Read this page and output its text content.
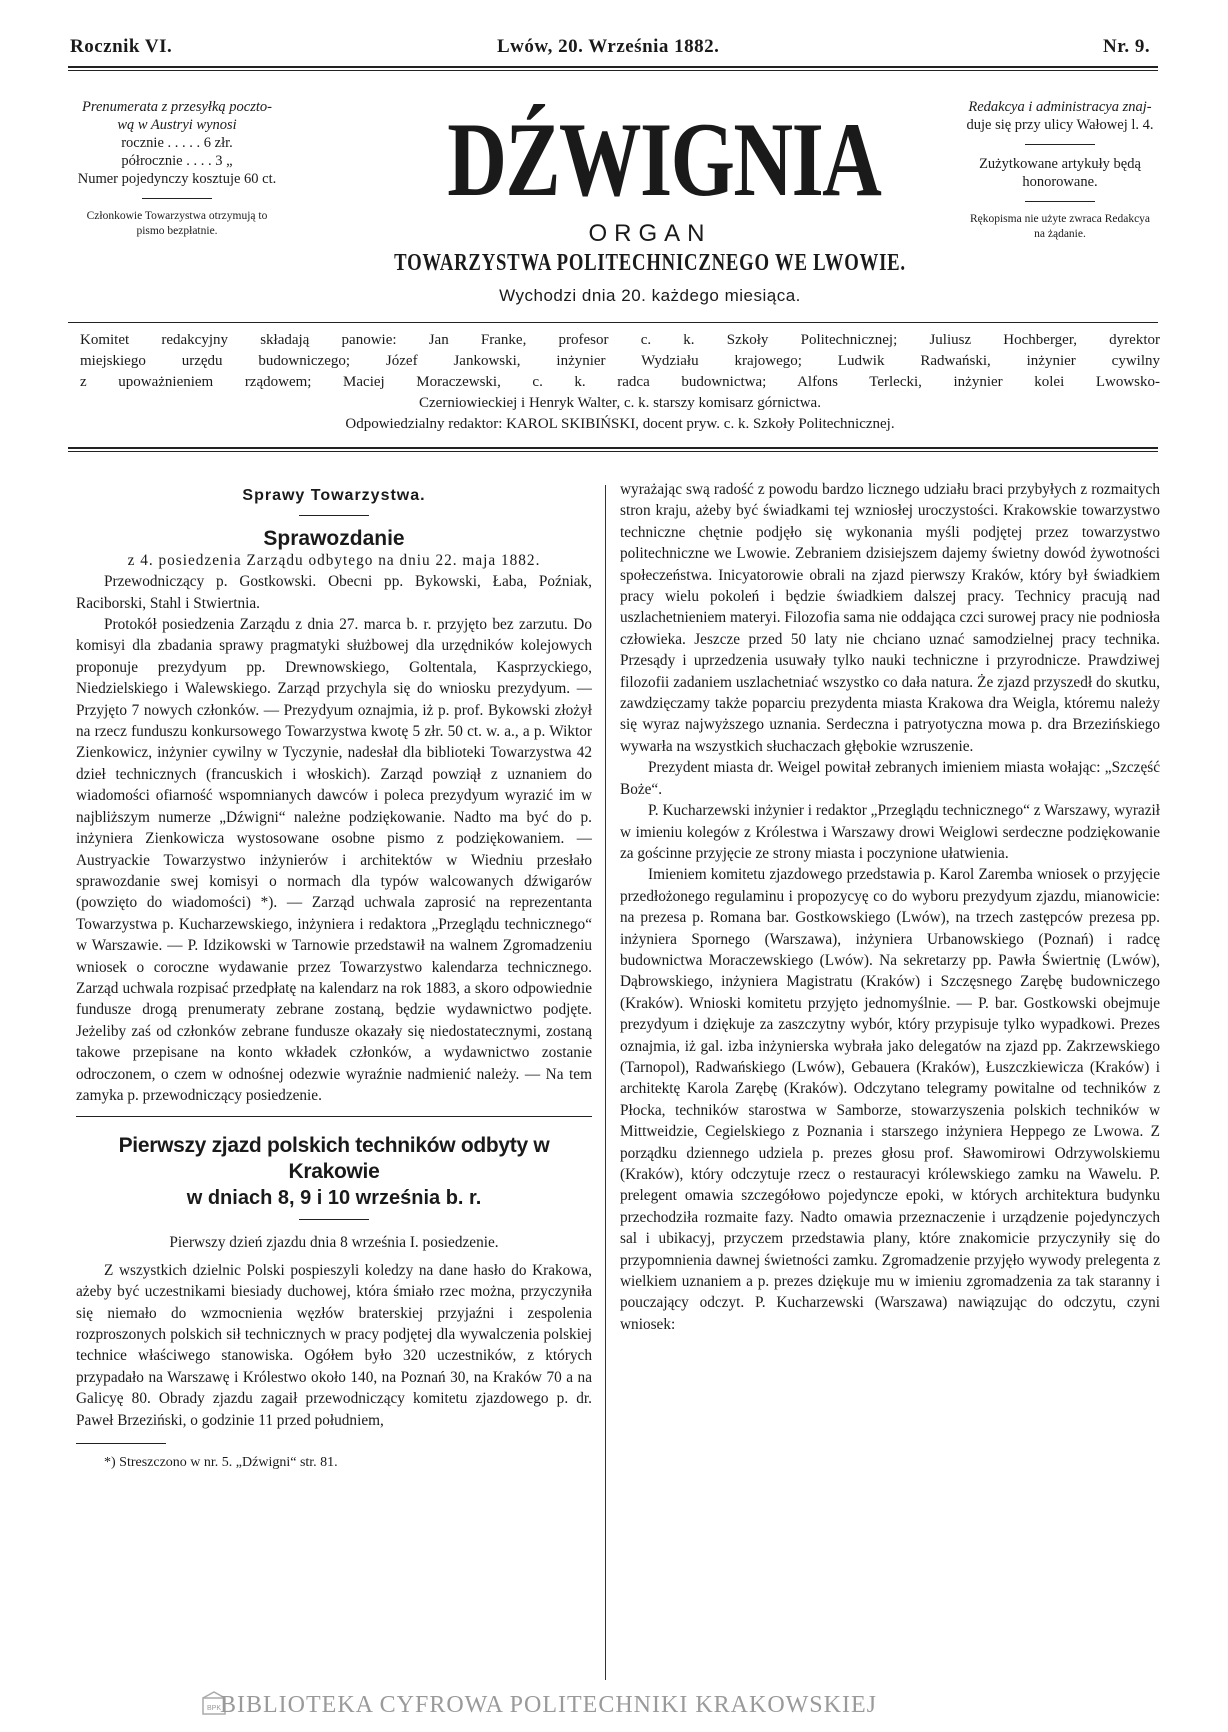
Rocznik VI.	Lwów, 20. Września 1882.	Nr. 9.
Prenumerata z przesyłką poczto-
wą w Austryi wynosi
rocznie . . . . . 6 złr.
półrocznie . . . . 3 „
Numer pojedynczy kosztuje 60 ct.
Członkowie Towarzystwa otrzymują to
pismo bezpłatnie.
Redakcya i administracya znaj-
duje się przy ulicy Wałowej l. 4.
Zużytkowane artykuły będą
honorowane.
Rękopisma nie użyte zwraca Redakcya
na żądanie.
DŹWIGNIA
ORGAN
TOWARZYSTWA POLITECHNICZNEGO WE LWOWIE.
Wychodzi dnia 20. każdego miesiąca.
Komitet redakcyjny składają panowie: Jan Franke, profesor c. k. Szkoły Politechnicznej; Juliusz Hochberger, dyrektor
miejskiego urzędu budowniczego; Józef Jankowski, inżynier Wydziału krajowego; Ludwik Radwański, inżynier cywilny
z upoważnieniem rządowem; Maciej Moraczewski, c. k. radca budownictwa; Alfons Terlecki, inżynier kolei Lwowsko-
Czerniowieckiej i Henryk Walter, c. k. starszy komisarz górnictwa.
Odpowiedzialny redaktor: KAROL SKIBIŃSKI, docent pryw. c. k. Szkoły Politechnicznej.
Sprawy Towarzystwa.
Sprawozdanie
z 4. posiedzenia Zarządu odbytego na dniu 22. maja 1882.

Przewodniczący p. Gostkowski. Obecni pp. Bykowski, Łaba, Poźniak, Raciborski, Stahl i Stwiertnia.

Protokół posiedzenia Zarządu z dnia 27. marca b. r. przyjęto bez zarzutu. Do komisyi dla zbadania sprawy pragmatyki służbowej dla urzędników kolejowych proponuje prezydyum pp. Drewnowskiego, Goltentala, Kasprzyckiego, Niedzielskiego i Walewskiego. Zarząd przychyla się do wniosku prezydyum. — Przyjęto 7 nowych członków. — Prezydyum oznajmia, iż p. prof. Bykowski złożył na rzecz funduszu konkursowego Towarzystwa kwotę 5 złr. 50 ct. w. a., a p. Wiktor Zienkowicz, inżynier cywilny w Tyczynie, nadesłał dla biblioteki Towarzystwa 42 dzieł technicznych (francuskich i włoskich). Zarząd powziął z uznaniem do wiadomości ofiarność wspomnianych dawców i poleca prezydyum wyrazić im w najbliższym numerze „Dźwigni“ należne podziękowanie. Nadto ma być do p. inżyniera Zienkowicza wystosowane osobne pismo z podziękowaniem. — Austryackie Towarzystwo inżynierów i architektów w Wiedniu przesłało sprawozdanie swej komisyi o normach dla typów walcowanych dźwigarów (powzięto do wiadomości) *). — Zarząd uchwala zaprosić na reprezentanta Towarzystwa p. Kucharzewskiego, inżyniera i redaktora „Przeglądu technicznego“ w Warszawie. — P. Idzikowski w Tarnowie przedstawił na walnem Zgromadzeniu wniosek o coroczne wydawanie przez Towarzystwo kalendarza technicznego. Zarząd uchwala rozpisać przedpłatę na kalendarz na rok 1883, a skoro odpowiednie fundusze drogą prenumeraty zebrane zostaną, będzie wydawnictwo podjęte. Jeżeliby zaś od członków zebrane fundusze okazały się niedostatecznymi, zostaną takowe przepisane na konto wkładek członków, a wydawnictwo zostanie odroczonem, o czem w odnośnej odezwie wyraźnie nadmienić należy. — Na tem zamyka p. przewodniczący posiedzenie.

Pierwszy zjazd polskich techników odbyty w Krakowie
w dniach 8, 9 i 10 września b. r.

Pierwszy dzień zjazdu dnia 8 września I. posiedzenie.

Z wszystkich dzielnic Polski pospieszyli koledzy na dane hasło do Krakowa, ażeby być uczestnikami biesiady duchowej, która śmiało rzec można, przyczyniła się niemało do wzmocnienia węzłów braterskiej przyjaźni i zespolenia rozproszonych polskich sił technicznych w pracy podjętej dla wywalczenia polskiej technice właściwego stanowiska. Ogółem było 320 uczestników, z których przypadało na Warszawę i Królestwo około 140, na Poznań 30, na Kraków 70 a na Galicyę 80. Obrady zjazdu zagaił przewodniczący komitetu zjazdowego p. dr. Paweł Brzeziński, o godzinie 11 przed południem,

*) Streszczono w nr. 5. „Dźwigni“ str. 81.

wyrażając swą radość z powodu bardzo licznego udziału braci przybyłych z rozmaitych stron kraju, ażeby być świadkami tej wzniosłej uroczystości. Krakowskie towarzystwo techniczne chętnie podjęło się wykonania myśli podjętej przez towarzystwo politechniczne we Lwowie. Zebraniem dzisiejszem dajemy świetny dowód żywotności społeczeństwa. Inicyatorowie obrali na zjazd pierwszy Kraków, który był świadkiem pracy wielu pokoleń i będzie świadkiem dalszej pracy. Technicy pracują nad uszlachetnieniem materyi. Filozofia sama nie oddająca czci surowej pracy nie podniosła człowieka. Jeszcze przed 50 laty nie chciano uznać samodzielnej pracy technika. Przesądy i uprzedzenia usuwały tylko nauki techniczne i przyrodnicze. Prawdziwej filozofii zadaniem uszlachetniać wszystko co dała natura. Że zjazd przyszedł do skutku, zawdzięczamy także poparciu prezydenta miasta Krakowa dra Weigla, któremu należy się wyraz najwyższego uznania. Serdeczna i patryotyczna mowa p. dra Brzezińskiego wywarła na wszystkich słuchaczach głębokie wzruszenie.

Prezydent miasta dr. Weigel powitał zebranych imieniem miasta wołając: „Szczęść Boże“.

P. Kucharzewski inżynier i redaktor „Przeglądu technicznego“ z Warszawy, wyraził w imieniu kolegów z Królestwa i Warszawy drowi Weiglowi serdeczne podziękowanie za gościnne przyjęcie ze strony miasta i poczynione ułatwienia.

Imieniem komitetu zjazdowego przedstawia p. Karol Zaremba wniosek o przyjęcie przedłożonego regulaminu i propozycyę co do wyboru prezydyum zjazdu, mianowicie: na prezesa p. Romana bar. Gostkowskiego (Lwów), na trzech zastępców prezesa pp. inżyniera Spornego (Warszawa), inżyniera Urbanowskiego (Poznań) i radcę budownictwa Moraczewskiego (Lwów). Na sekretarzy pp. Pawła Świertnię (Lwów), Dąbrowskiego, inżyniera Magistratu (Kraków) i Szczęsnego Zarębę budowniczego (Kraków). Wnioski komitetu przyjęto jednomyślnie. — P. bar. Gostkowski obejmuje prezydyum i dziękuje za zaszczytny wybór, który przypisuje tylko wypadkowi. Prezes oznajmia, iż gal. izba inżynierska wybrała jako delegatów na zjazd pp. Zakrzewskiego (Tarnopol), Radwańskiego (Lwów), Gebauera (Kraków), Łuszczkiewicza (Kraków) i architektę Karola Zarębę (Kraków). Odczytano telegramy powitalne od techników z Płocka, techników starostwa w Samborze, stowarzyszenia polskich techników w Mittweidzie, Cegielskiego z Poznania i starszego inżyniera Heppego ze Lwowa. Z porządku dziennego udziela p. prezes głosu prof. Sławomirowi Odrzywolskiemu (Kraków), który odczytuje rzecz o restauracyi królewskiego zamku na Wawelu. P. prelegent omawia szczegółowo pojedyncze epoki, w których architektura budynku przechodziła rozmaite fazy. Nadto omawia przeznaczenie i urządzenie pojedynczych sal i ubikacyj, przyczem przedstawia plany, które znakomicie przyczyniły się do przypomnienia dawnej świetności zamku. Zgromadzenie przyjęło wywody prelegenta z wielkiem uznaniem a p. prezes dziękuje mu w imieniu zgromadzenia za tak staranny i pouczający odczyt. P. Kucharzewski (Warszawa) nawiązując do odczytu, czyni wniosek:

BPK
BIBLIOTEKA CYFROWA POLITECHNIKI KRAKOWSKIEJ
